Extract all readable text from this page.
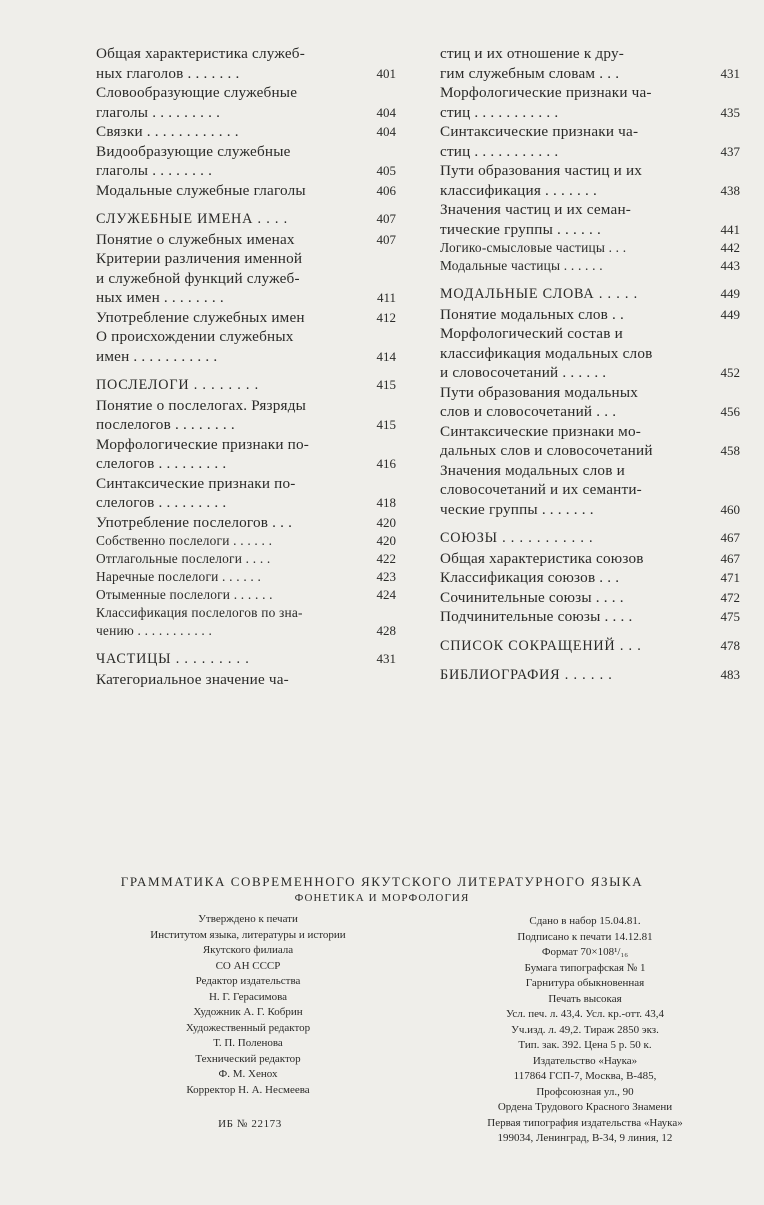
Общая характеристика служеб-
ных глаголов . . . . . . .	401
Словообразующие служебные
глаголы . . . . . . . . .	404
Связки . . . . . . . . . . . .	404
Видообразующие служебные
глаголы . . . . . . . .	405
Модальные служебные глаголы	406
СЛУЖЕБНЫЕ ИМЕНА . . . .	407
Понятие о служебных именах	407
Критерии различения именной
и служебной функций служеб-
ных имен . . . . . . . .	411
Употребление служебных имен	412
О происхождении служебных
имен . . . . . . . . . . .	414
ПОСЛЕЛОГИ . . . . . . . .	415
Понятие о послелогах. Рязряды
послелогов . . . . . . . .	415
Морфологические признаки по-
слелогов . . . . . . . . .	416
Синтаксические признаки по-
слелогов . . . . . . . . .	418
Употребление послелогов . . .	420
Собственно послелоги . . . . . .	420
Отглагольные послелоги . . . .	422
Наречные послелоги . . . . . .	423
Отыменные послелоги . . . . . .	424
Классификация послелогов по зна-
чению . . . . . . . . . . .	428
ЧАСТИЦЫ . . . . . . . . .	431
Категориальное значение ча-
стиц и их отношение к дру-
гим служебным словам . . .	431
Морфологические признаки ча-
стиц . . . . . . . . . . .	435
Синтаксические признаки ча-
стиц . . . . . . . . . . .	437
Пути образования частиц и их
классификация . . . . . . .	438
Значения частиц и их семан-
тические группы . . . . . .	441
Логико-смысловые частицы . . .	442
Модальные частицы . . . . . .	443
МОДАЛЬНЫЕ СЛОВА . . . . .	449
Понятие модальных слов . .	449
Морфологический состав и
классификация модальных слов
и словосочетаний . . . . . .	452
Пути образования модальных
слов и словосочетаний . . .	456
Синтаксические признаки мо-
дальных слов и словосочетаний	458
Значения модальных слов и
словосочетаний и их семанти-
ческие группы . . . . . . .	460
СОЮЗЫ . . . . . . . . . . .	467
Общая характеристика союзов	467
Классификация союзов . . .	471
Сочинительные союзы . . . .	472
Подчинительные союзы . . . .	475
СПИСОК СОКРАЩЕНИЙ . . .	478
БИБЛИОГРАФИЯ . . . . . .	483
ГРАММАТИКА СОВРЕМЕННОГО ЯКУТСКОГО ЛИТЕРАТУРНОГО ЯЗЫКА
ФОНЕТИКА И МОРФОЛОГИЯ
Утверждено к печати
Институтом языка, литературы и истории
Якутского филиала
СО АН СССР
Редактор издательства
Н. Г. Герасимова
Художник А. Г. Кобрин
Художественный редактор
Т. П. Поленова
Технический редактор
Ф. М. Хенох
Корректор Н. А. Несмеева
Сдано в набор 15.04.81.
Подписано к печати 14.12.81
Формат 70×108¹/₁₆
Бумага типографская № 1
Гарнитура обыкновенная
Печать высокая
Усл. печ. л. 43,4. Усл. кр.-отт. 43,4
Уч.изд. л. 49,2. Тираж 2850 экз.
Тип. зак. 392. Цена 5 р. 50 к.
Издательство «Наука»
117864 ГСП-7, Москва, В-485,
Профсоюзная ул., 90
Ордена Трудового Красного Знамени
Первая типография издательства «Наука»
199034, Ленинград, В-34, 9 линия, 12
ИБ № 22173
